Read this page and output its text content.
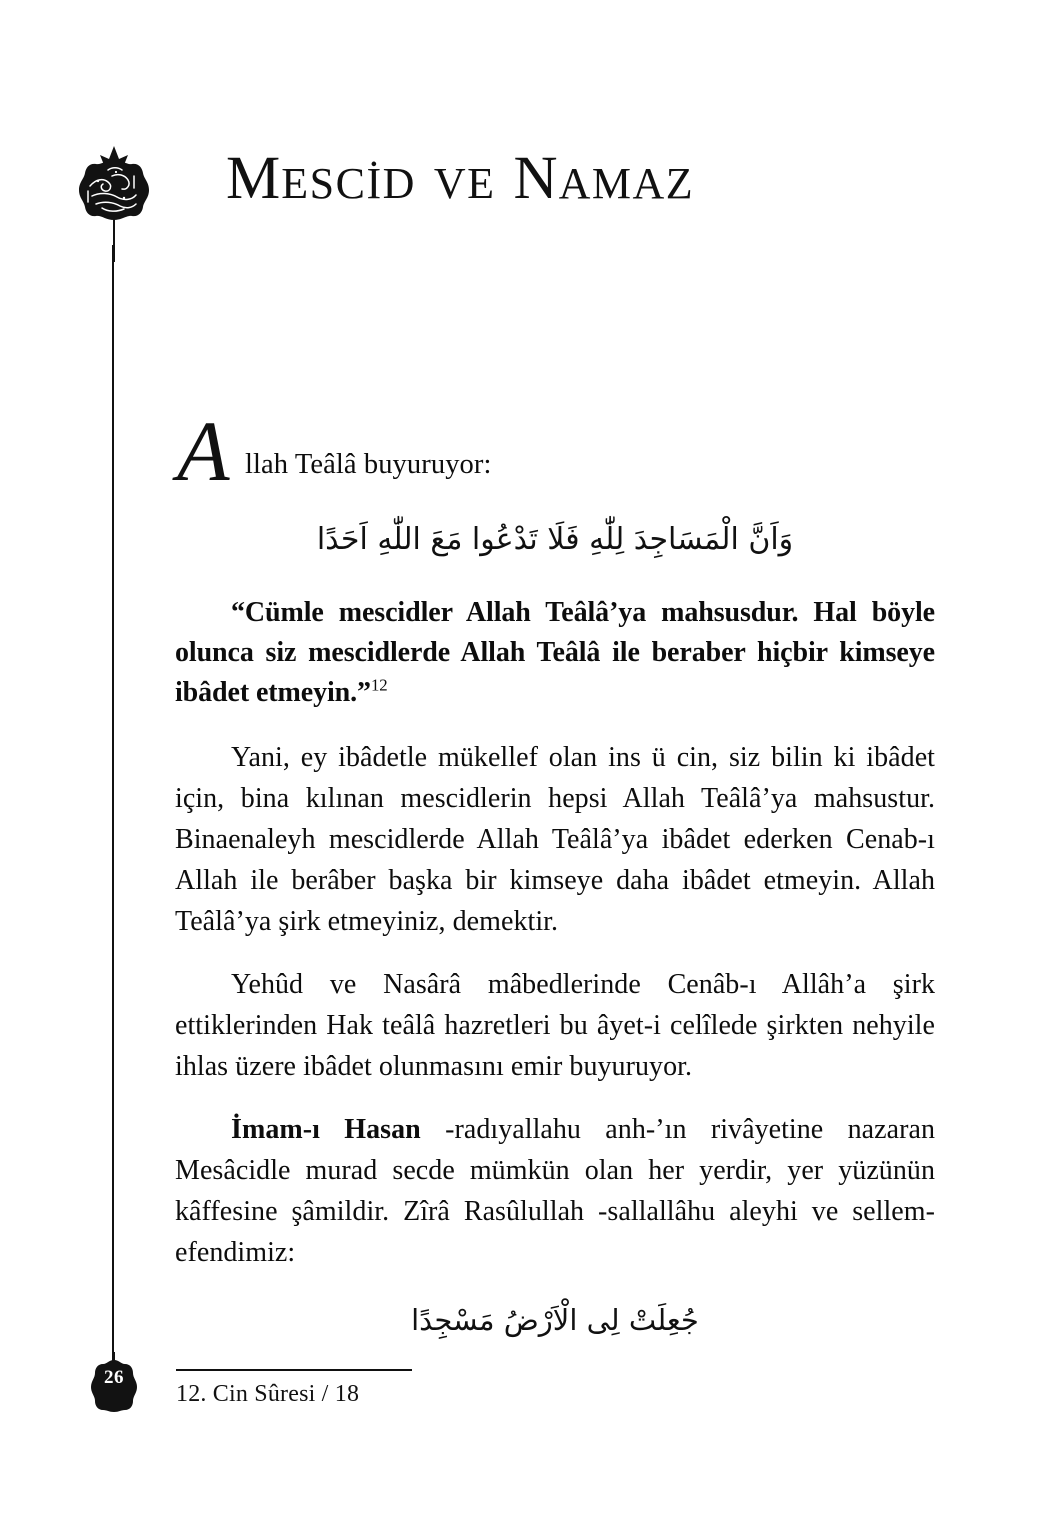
MESCİD VE NAMAZ
A llah Teâlâ buyuruyor:
وَاَنَّ الْمَسَاجِدَ لِلّٰهِ فَلَا تَدْعُوا مَعَ اللّٰهِ اَحَدًا

“Cümle mescidler Allah Teâlâ’ya mahsusdur. Hal böyle olunca siz mescidlerde Allah Teâlâ ile beraber hiçbir kimseye ibâdet etmeyin.”$^{12}$

Yani, ey ibâdetle mükellef olan ins ü cin, siz bilin ki ibâdet için, bina kılınan mescidlerin hepsi Allah Teâlâ’ya mahsustur. Binaenaleyh mescidlerde Allah Teâlâ’ya ibâdet ederken Cenab-ı Allah ile berâber başka bir kimseye daha ibâdet etmeyin. Allah Teâlâ’ya şirk etmeyiniz, demektir.

Yehûd ve Nasârâ mâbedlerinde Cenâb-ı Allâh’a şirk ettiklerinden Hak teâlâ hazretleri bu âyet-i celîlede şirkten nehyile ihlas üzere ibâdet olunmasını emir buyuruyor.

İmam-ı Hasan -radıyallahu anh-’ın rivâyetine nazaran Mesâcidle murad secde mümkün olan her yerdir, yer yüzünün kâffesine şâmildir. Zîrâ Rasûlullah -sallallâhu aleyhi ve sellem- efendimiz:

جُعِلَتْ لِى الْاَرْضُ مَسْجِدًا
12. Cin Sûresi / 18
26
